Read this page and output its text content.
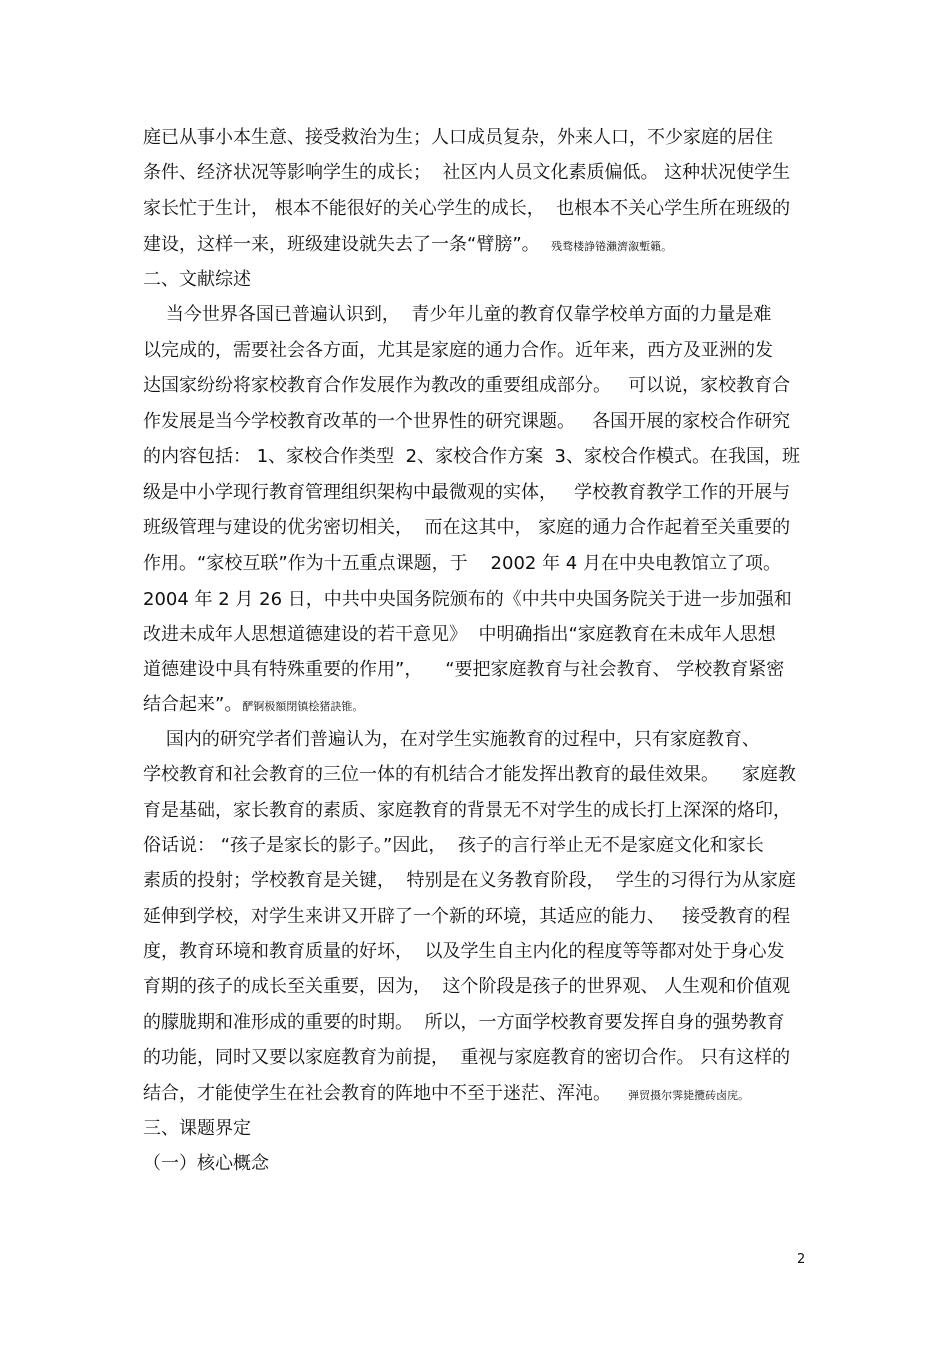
庭已从事小本生意、接受救治为生；人口成员复杂，外来人口，不少家庭的居住

条件、经济状况等影响学生的成长；  社区内人员文化素质偏低。 这种状况使学生

家长忙于生计， 根本不能很好的关心学生的成长，  也根本不关心学生所在班级的

建设，这样一来，班级建设就失去了一条“臂膀”。  残骛楼諍锩瀨濟溆塹籟。

二、文献综述

当今世界各国已普遍认识到，  青少年儿童的教育仅靠学校单方面的力量是难

以完成的，需要社会各方面，尤其是家庭的通力合作。近年来，西方及亚洲的发

达国家纷纷将家校教育合作发展作为教改的重要组成部分。   可以说，家校教育合

作发展是当今学校教育改革的一个世界性的研究课题。   各国开展的家校合作研究

的内容包括： 1、家校合作类型  2、家校合作方案  3、家校合作模式。在我国，班

级是中小学现行教育管理组织架构中最微观的实体，   学校教育教学工作的开展与

班级管理与建设的优劣密切相关，  而在这其中， 家庭的通力合作起着至关重要的

作用。“家校互联”作为十五重点课题，于    2002 年 4 月在中央电教馆立了项。

2004 年 2 月 26 日，中共中央国务院颁布的《中共中央国务院关于进一步加强和

改进未成年人思想道德建设的若干意见》  中明确指出“家庭教育在未成年人思想

道德建设中具有特殊重要的作用”，    “要把家庭教育与社会教育、 学校教育紧密

结合起来”。酽锕极額閉镇桧猪訣锥。

国内的研究学者们普遍认为，在对学生实施教育的过程中，只有家庭教育、

学校教育和社会教育的三位一体的有机结合才能发挥出教育的最佳效果。    家庭教

育是基础，家长教育的素质、家庭教育的背景无不对学生的成长打上深深的烙印，

俗话说： “孩子是家长的影子。”因此，  孩子的言行举止无不是家庭文化和家长

素质的投射；学校教育是关键，  特别是在义务教育阶段，  学生的习得行为从家庭

延伸到学校，对学生来讲又开辟了一个新的环境，其适应的能力、   接受教育的程

度，教育环境和教育质量的好坏，  以及学生自主内化的程度等等都对处于身心发

育期的孩子的成长至关重要，因为，  这个阶段是孩子的世界观、 人生观和价值观

的朦胧期和准形成的重要的时期。  所以，一方面学校教育要发挥自身的强势教育

的功能，同时又要以家庭教育为前提，  重视与家庭教育的密切合作。 只有这样的

结合，才能使学生在社会教育的阵地中不至于迷茫、浑沌。   弹贸摄尔霁毙攬砖卤庑。

三、课题界定

（一）核心概念

2
